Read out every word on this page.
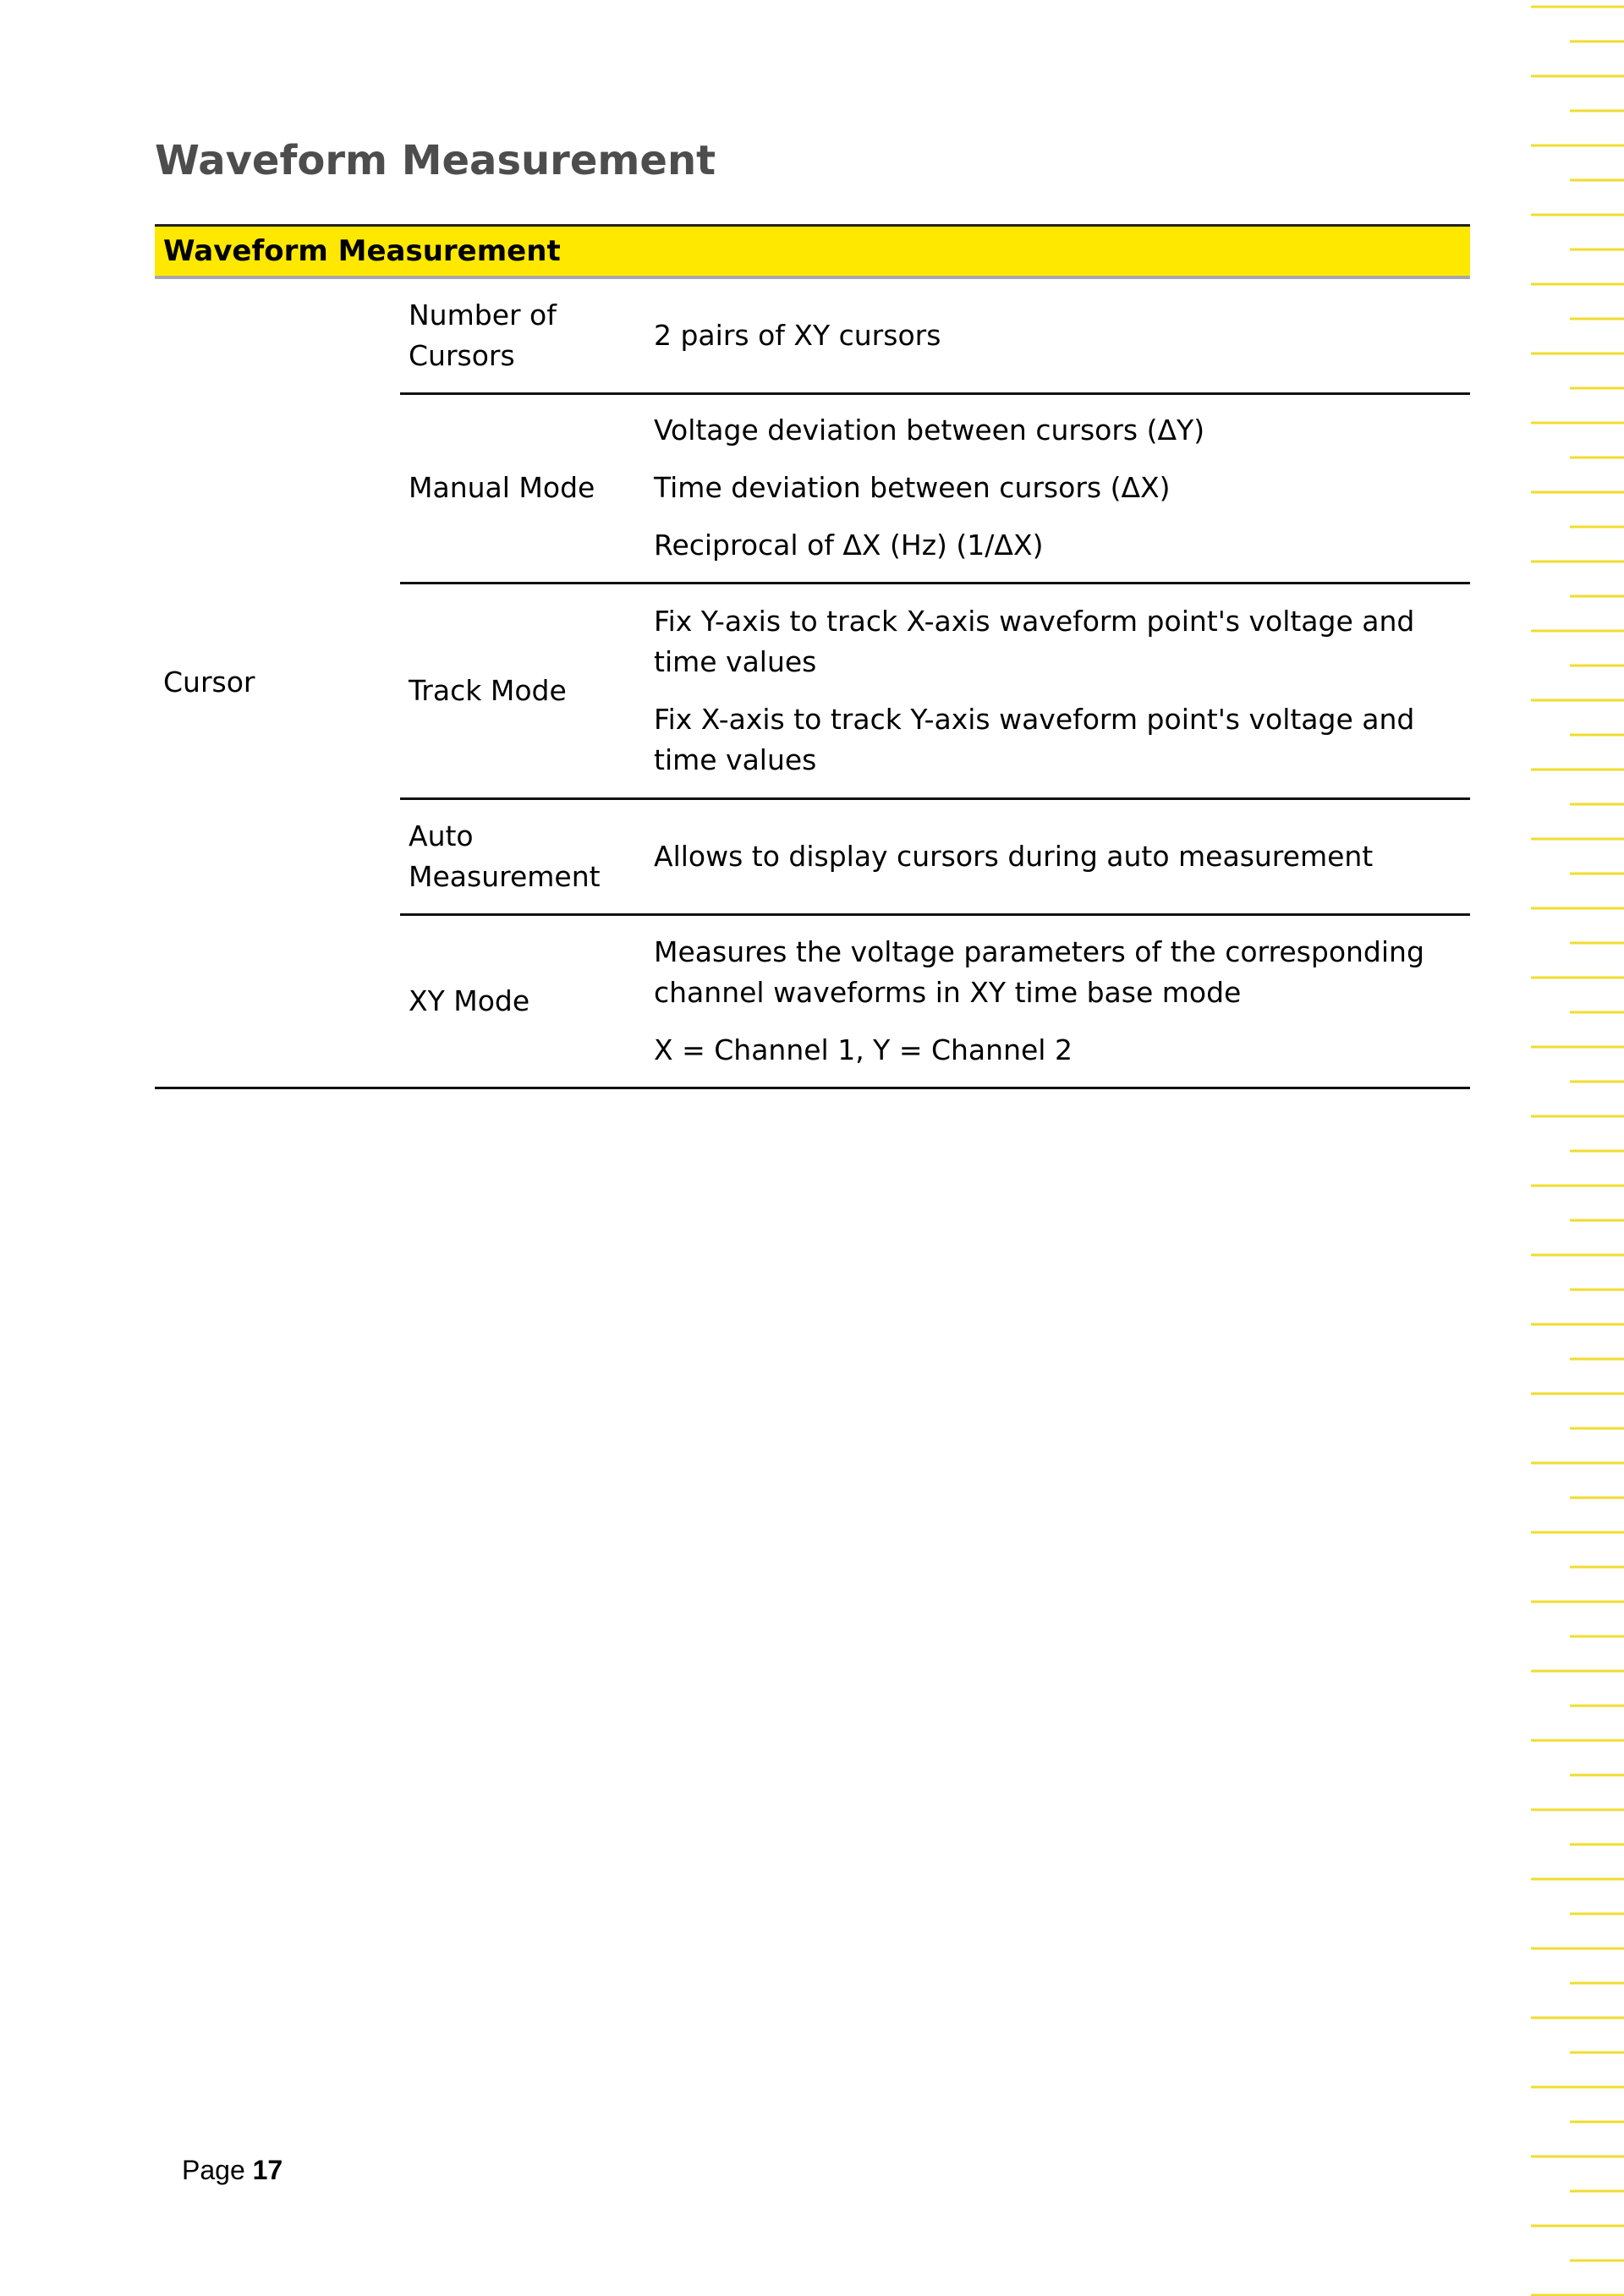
Waveform Measurement
Waveform Measurement		
Cursor	Number of Cursors	2 pairs of XY cursors

	Manual Mode	Voltage deviation between cursors (ΔY)
Time deviation between cursors (ΔX)
Reciprocal of ΔX (Hz) (1/ΔX)

	Track Mode	Fix Y-axis to track X-axis waveform point's voltage and time values
Fix X-axis to track Y-axis waveform point's voltage and time values

	Auto Measurement	Allows to display cursors during auto measurement

	XY Mode	Measures the voltage parameters of the corresponding channel waveforms in XY time base mode
X = Channel 1, Y = Channel 2
Page 17
